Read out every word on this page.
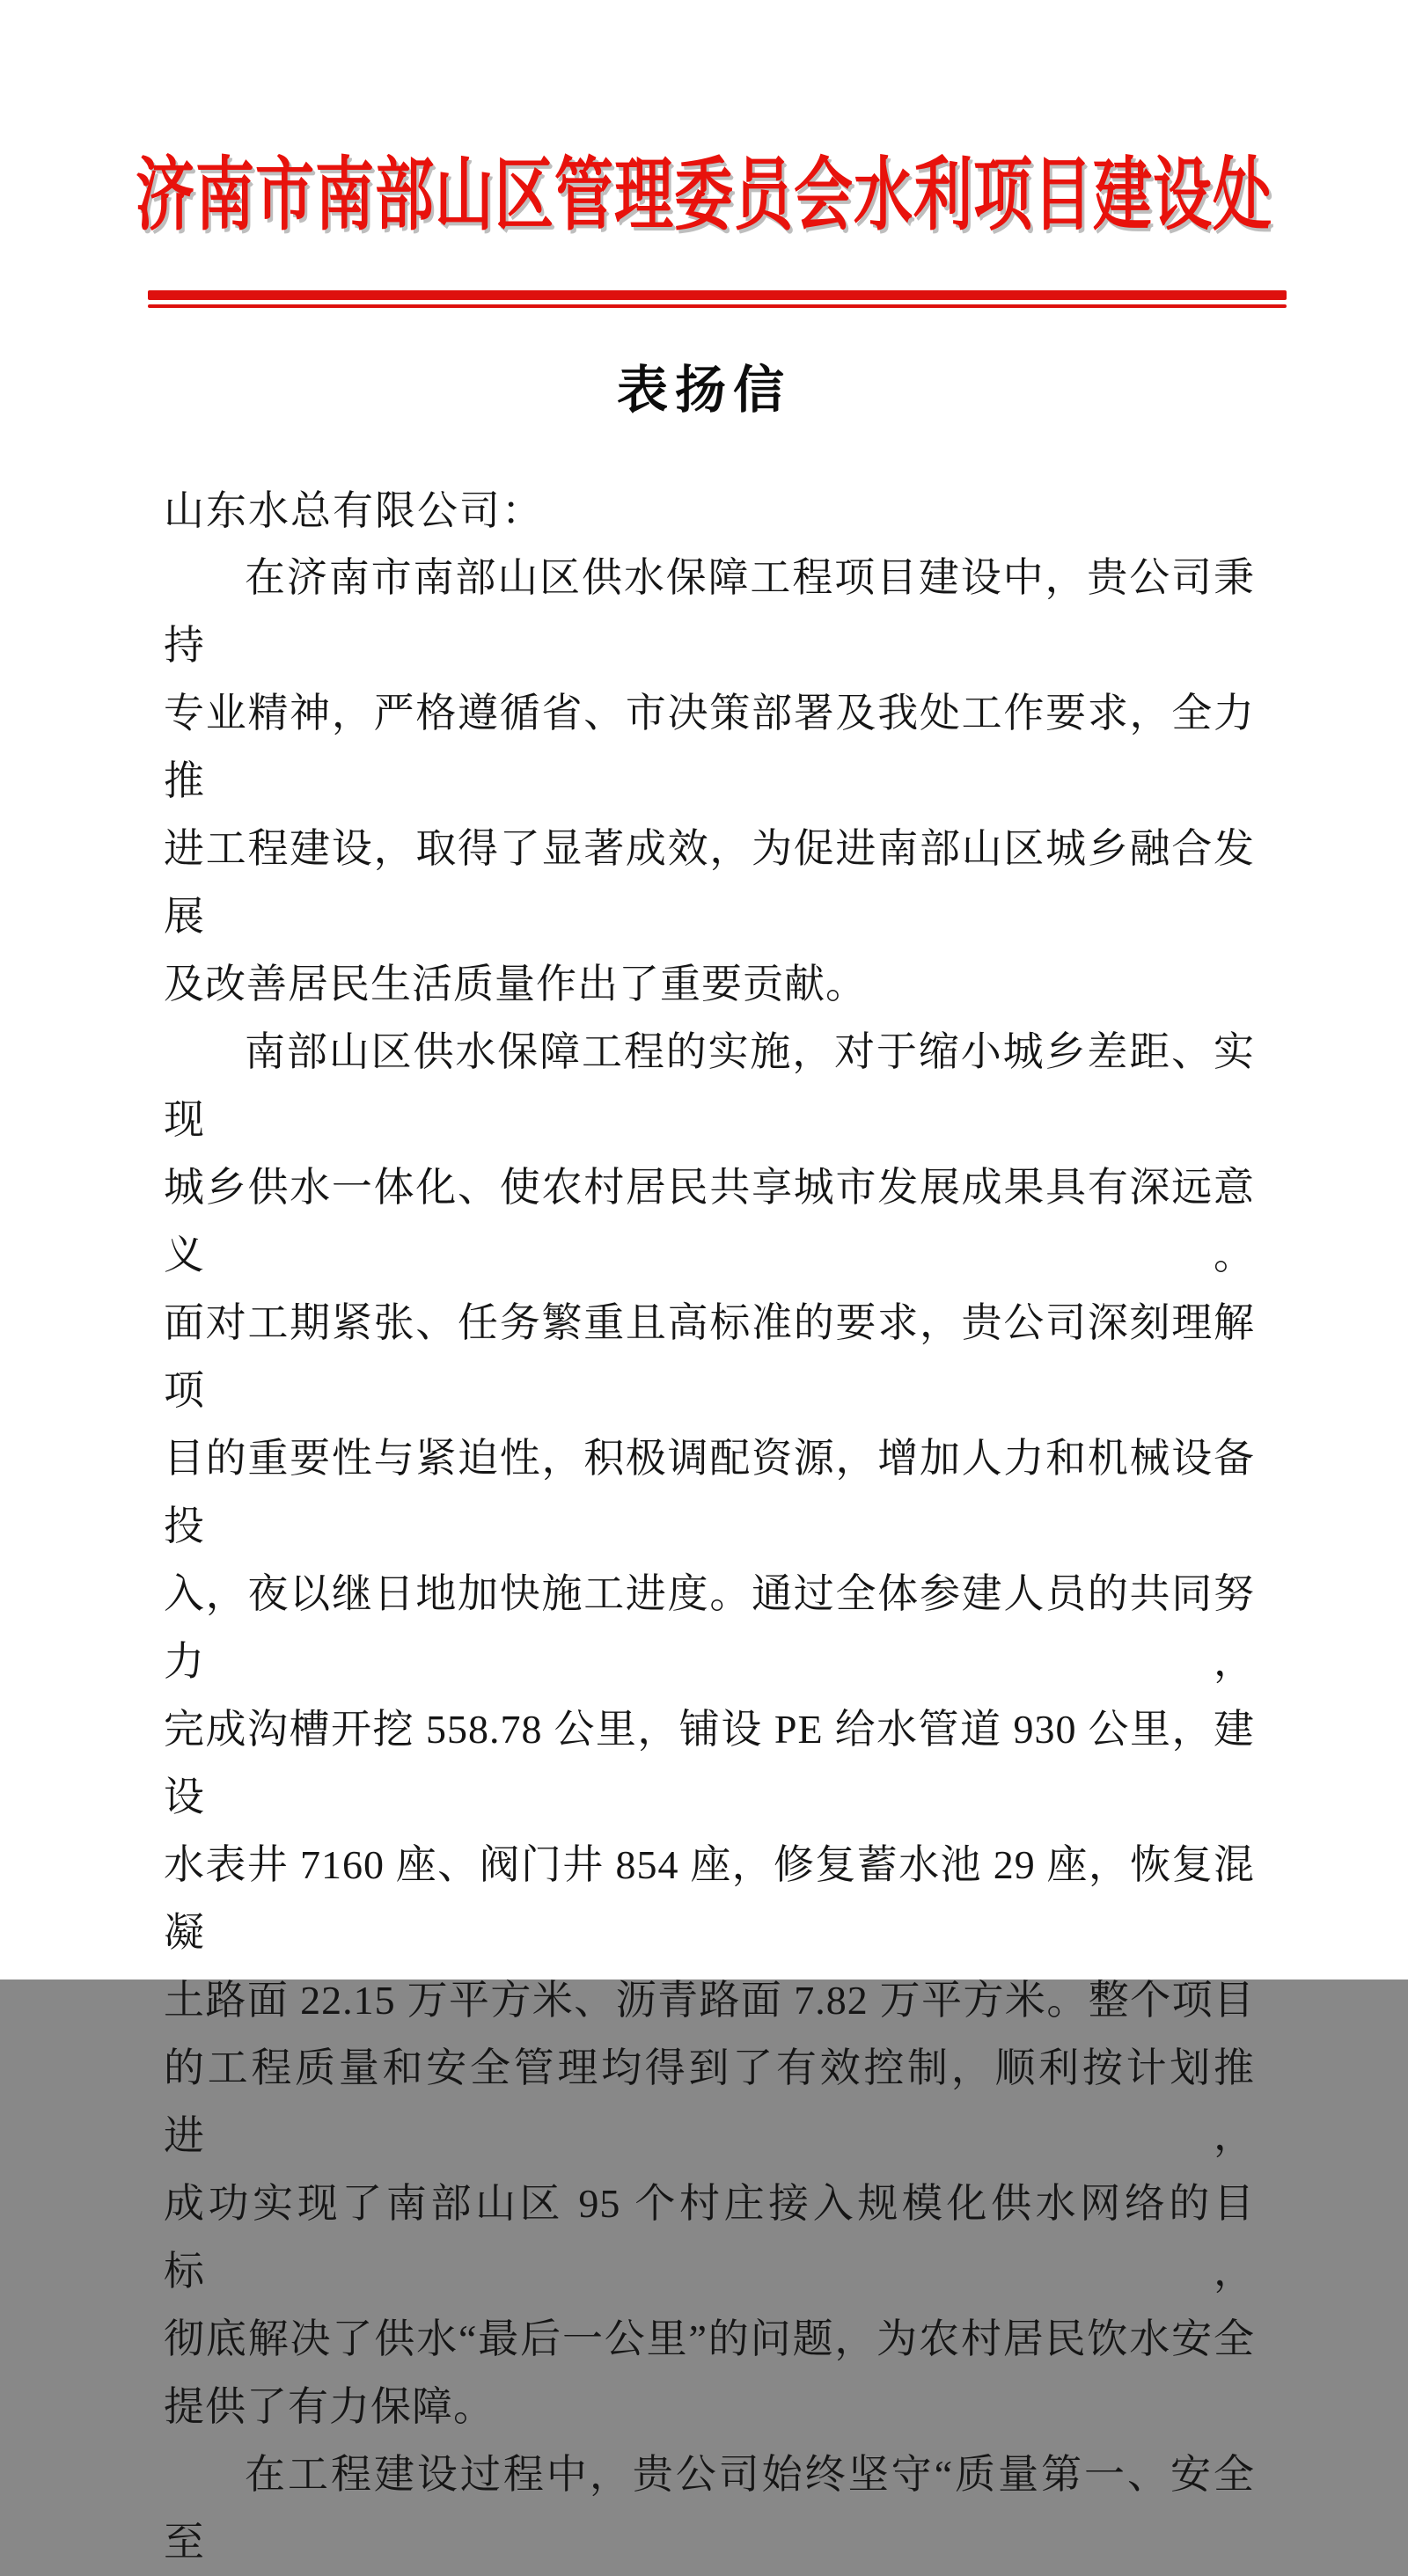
济南市南部山区管理委员会水利项目建设处
表扬信
山东水总有限公司：

在济南市南部山区供水保障工程项目建设中，贵公司秉持

专业精神，严格遵循省、市决策部署及我处工作要求，全力推

进工程建设，取得了显著成效，为促进南部山区城乡融合发展

及改善居民生活质量作出了重要贡献。

南部山区供水保障工程的实施，对于缩小城乡差距、实现

城乡供水一体化、使农村居民共享城市发展成果具有深远意义。

面对工期紧张、任务繁重且高标准的要求，贵公司深刻理解项

目的重要性与紧迫性，积极调配资源，增加人力和机械设备投

入，夜以继日地加快施工进度。通过全体参建人员的共同努力，

完成沟槽开挖 558.78 公里，铺设 PE 给水管道 930 公里，建设

水表井 7160 座、阀门井 854 座，修复蓄水池 29 座，恢复混凝

土路面 22.15 万平方米、沥青路面 7.82 万平方米。整个项目

的工程质量和安全管理均得到了有效控制，顺利按计划推进，

成功实现了南部山区 95 个村庄接入规模化供水网络的目标，

彻底解决了供水“最后一公里”的问题，为农村居民饮水安全

提供了有力保障。

在工程建设过程中，贵公司始终坚守“质量第一、安全至
